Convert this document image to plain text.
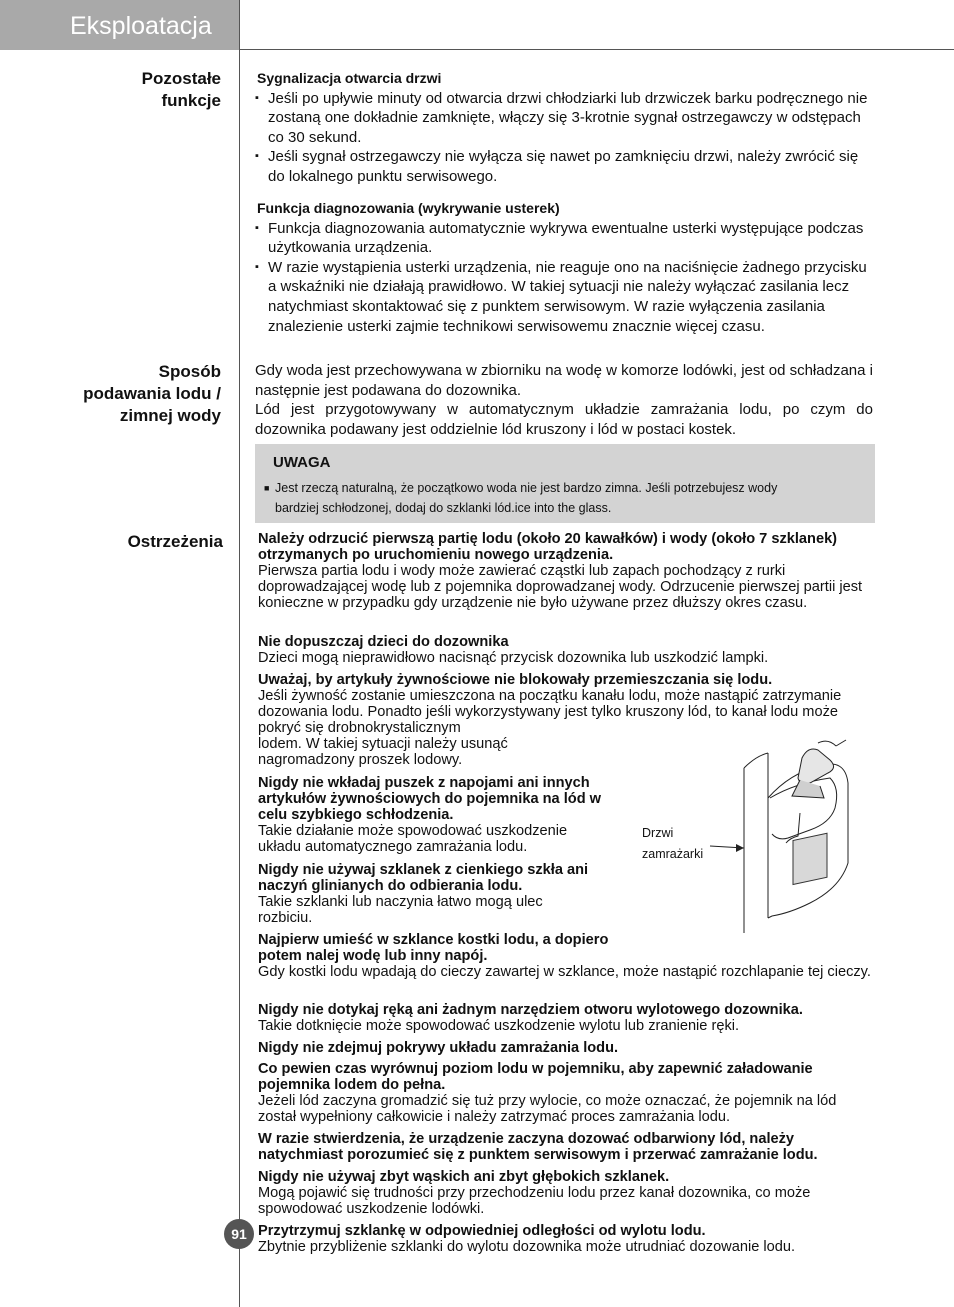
Eksploatacja
Pozostałe funkcje
Sposób
podawania lodu /
zimnej wody
Ostrzeżenia
Sygnalizacja otwarcia drzwi
▪ Jeśli po upływie minuty od otwarcia drzwi chłodziarki lub drzwiczek barku podręcznego nie zostaną one dokładnie zamknięte, włączy się 3-krotnie sygnał ostrzegawczy w odstępach co 30 sekund.
▪ Jeśli sygnał ostrzegawczy nie wyłącza się nawet po zamknięciu drzwi, należy zwrócić się do lokalnego punktu serwisowego.
Funkcja diagnozowania (wykrywanie usterek)
▪ Funkcja diagnozowania automatycznie wykrywa ewentualne usterki występujące podczas użytkowania urządzenia.
▪ W razie wystąpienia usterki urządzenia, nie reaguje ono na naciśnięcie żadnego przycisku a wskaźniki nie działają prawidłowo. W takiej sytuacji nie należy wyłączać zasilania lecz natychmiast skontaktować się z punktem serwisowym. W razie wyłączenia zasilania znalezienie usterki zajmie technikowi serwisowemu znacznie więcej czasu.

Gdy woda jest przechowywana w zbiorniku na wodę w komorze lodówki, jest od schładzana i następnie jest podawana do dozownika.

Lód jest przygotowywany w automatycznym układzie zamrażania lodu, po czym do dozownika podawany jest oddzielnie lód kruszony i lód w postaci kostek.

UWAGA
■ Jest rzeczą naturalną, że początkowo woda nie jest bardzo zimna. Jeśli potrzebujesz wody
bardziej schłodzonej, dodaj do szklanki lód.ice into the glass.

Należy odrzucić pierwszą partię lodu (około 20 kawałków) i wody (około 7 szklanek) otrzymanych po uruchomieniu nowego urządzenia.

Pierwsza partia lodu i wody może zawierać cząstki lub zapach pochodzący z rurki doprowadzającej wodę lub z pojemnika doprowadzanej wody. Odrzucenie pierwszej partii jest konieczne w przypadku gdy urządzenie nie było używane przez dłuższy okres czasu.

Nie dopuszczaj dzieci do dozownika

Dzieci mogą nieprawidłowo nacisnąć przycisk dozownika lub uszkodzić lampki.

Uważaj, by artykuły żywnościowe nie blokowały przemieszczania się lodu.

Jeśli żywność zostanie umieszczona na początku kanału lodu, może nastąpić zatrzymanie dozowania lodu. Ponadto jeśli wykorzystywany jest tylko kruszony lód, to kanał lodu może pokryć się drobnokrystalicznym

lodem. W takiej sytuacji należy usunąć nagromadzony proszek lodowy.

Nigdy nie wkładaj puszek z napojami ani innych artykułów żywnościowych do pojemnika na lód w celu szybkiego schłodzenia.

Takie działanie może spowodować uszkodzenie układu automatycznego zamrażania lodu.

Nigdy nie używaj szklanek z cienkiego szkła ani naczyń glinianych do odbierania lodu.

Takie szklanki lub naczynia łatwo mogą ulec rozbiciu.

Najpierw umieść w szklance kostki lodu, a dopiero potem nalej wodę lub inny napój.

Gdy kostki lodu wpadają do cieczy zawartej w szklance, może nastąpić rozchlapanie tej cieczy.

Nigdy nie dotykaj ręką ani żadnym narzędziem otworu wylotowego dozownika.

Takie dotknięcie może spowodować uszkodzenie wylotu lub zranienie ręki.

Nigdy nie zdejmuj pokrywy układu zamrażania lodu.

Co pewien czas wyrównuj poziom lodu w pojemniku, aby zapewnić załadowanie pojemnika lodem do pełna.

Jeżeli lód zaczyna gromadzić się tuż przy wylocie, co może oznaczać, że pojemnik na lód został wypełniony całkowicie i należy zatrzymać proces zamrażania lodu.

W razie stwierdzenia, że urządzenie zaczyna dozować odbarwiony lód, należy natychmiast porozumieć się z punktem serwisowym i przerwać zamrażanie lodu.

Nigdy nie używaj zbyt wąskich ani zbyt głębokich szklanek.

Mogą pojawić się trudności przy przechodzeniu lodu przez kanał dozownika, co może spowodować uszkodzenie lodówki.

Przytrzymuj szklankę w odpowiedniej odległości od wylotu lodu.

Zbytnie przybliżenie szklanki do wylotu dozownika może utrudniać dozowanie lodu.

Drzwi
zamrażarki
91
